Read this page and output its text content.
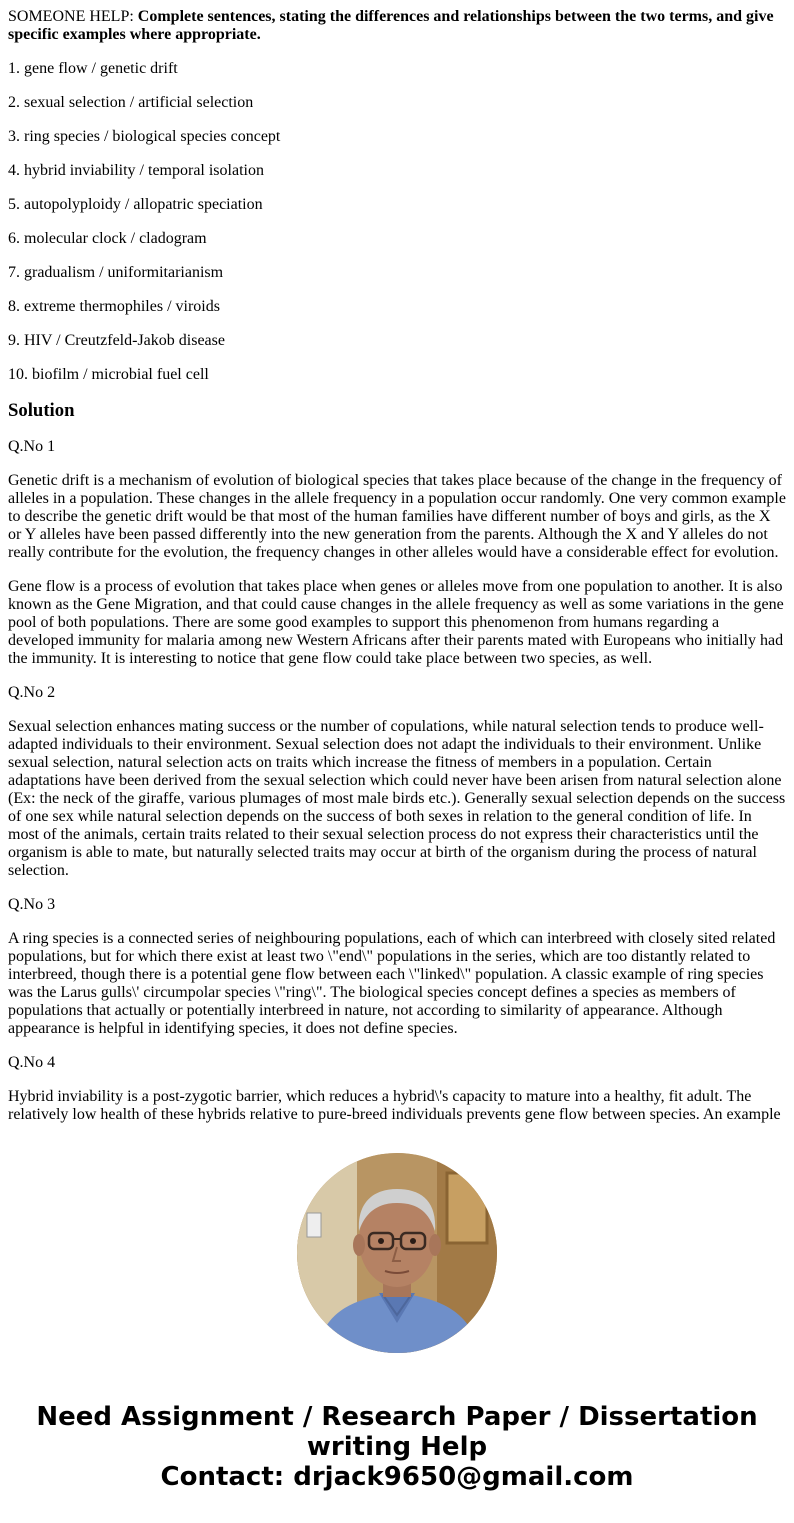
SOMEONE HELP: Complete sentences, stating the differences and relationships between the two terms, and give specific examples where appropriate.

1. gene flow / genetic drift

2. sexual selection / artificial selection

3. ring species / biological species concept

4. hybrid inviability / temporal isolation

5. autopolyploidy / allopatric speciation

6. molecular clock / cladogram

7. gradualism / uniformitarianism

8. extreme thermophiles / viroids

9. HIV / Creutzfeld-Jakob disease

10. biofilm / microbial fuel cell

Solution

Q.No 1

Genetic drift is a mechanism of evolution of biological species that takes place because of the change in the frequency of alleles in a population. These changes in the allele frequency in a population occur randomly. One very common example to describe the genetic drift would be that most of the human families have different number of boys and girls, as the X or Y alleles have been passed differently into the new generation from the parents. Although the X and Y alleles do not really contribute for the evolution, the frequency changes in other alleles would have a considerable effect for evolution.

Gene flow is a process of evolution that takes place when genes or alleles move from one population to another. It is also known as the Gene Migration, and that could cause changes in the allele frequency as well as some variations in the gene pool of both populations. There are some good examples to support this phenomenon from humans regarding a developed immunity for malaria among new Western Africans after their parents mated with Europeans who initially had the immunity. It is interesting to notice that gene flow could take place between two species, as well.

Q.No 2

Sexual selection enhances mating success or the number of copulations, while natural selection tends to produce well-adapted individuals to their environment. Sexual selection does not adapt the individuals to their environment. Unlike sexual selection, natural selection acts on traits which increase the fitness of members in a population. Certain adaptations have been derived from the sexual selection which could never have been arisen from natural selection alone (Ex: the neck of the giraffe, various plumages of most male birds etc.). Generally sexual selection depends on the success of one sex while natural selection depends on the success of both sexes in relation to the general condition of life. In most of the animals, certain traits related to their sexual selection process do not express their characteristics until the organism is able to mate, but naturally selected traits may occur at birth of the organism during the process of natural selection.

Q.No 3

A ring species is a connected series of neighbouring populations, each of which can interbreed with closely sited related populations, but for which there exist at least two \"end\" populations in the series, which are too distantly related to interbreed, though there is a potential gene flow between each \"linked\" population. A classic example of ring species was the Larus gulls\' circumpolar species \"ring\". The biological species concept defines a species as members of populations that actually or potentially interbreed in nature, not according to similarity of appearance. Although appearance is helpful in identifying species, it does not define species.

Q.No 4

Hybrid inviability is a post-zygotic barrier, which reduces a hybrid\'s capacity to mature into a healthy, fit adult. The relatively low health of these hybrids relative to pure-breed individuals prevents gene flow between species. An example

Need Assignment / Research Paper / Dissertation writing Help
Contact: drjack9650@gmail.com
